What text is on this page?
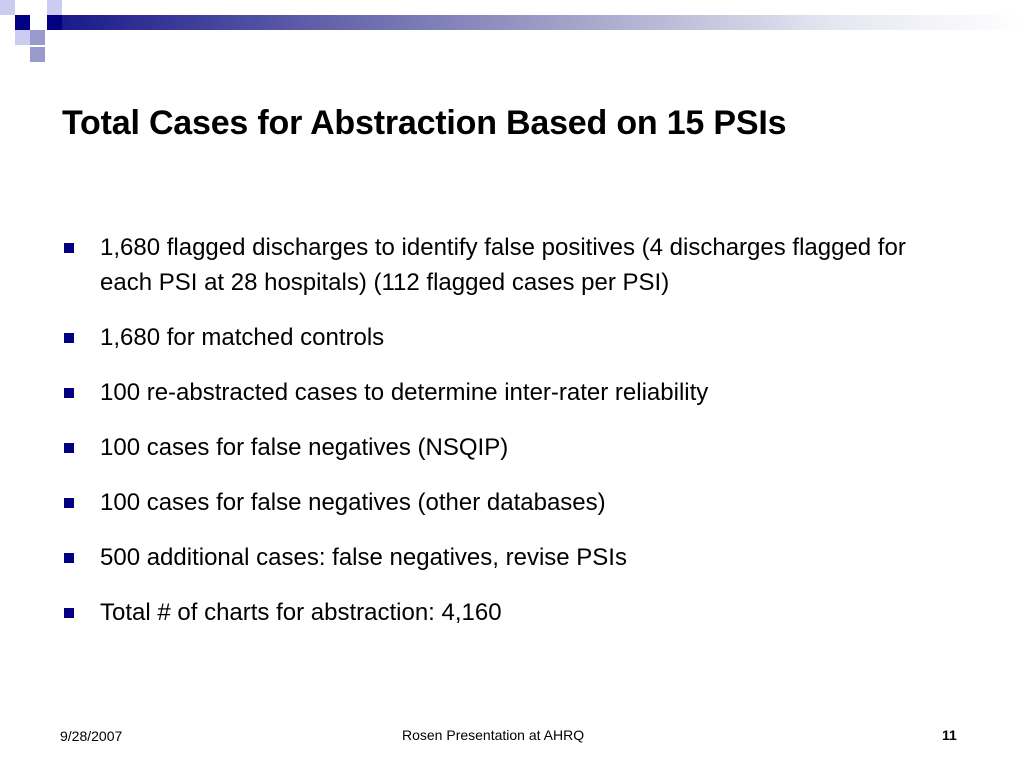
Total Cases for Abstraction Based on 15 PSIs
1,680 flagged discharges to identify false positives (4 discharges flagged for each PSI at 28 hospitals) (112 flagged cases per PSI)
1,680 for matched controls
100 re-abstracted cases to determine inter-rater reliability
100 cases for false negatives (NSQIP)
100 cases for false negatives (other databases)
500 additional cases: false negatives, revise PSIs
Total # of charts for abstraction: 4,160
9/28/2007	Rosen Presentation at AHRQ	11
